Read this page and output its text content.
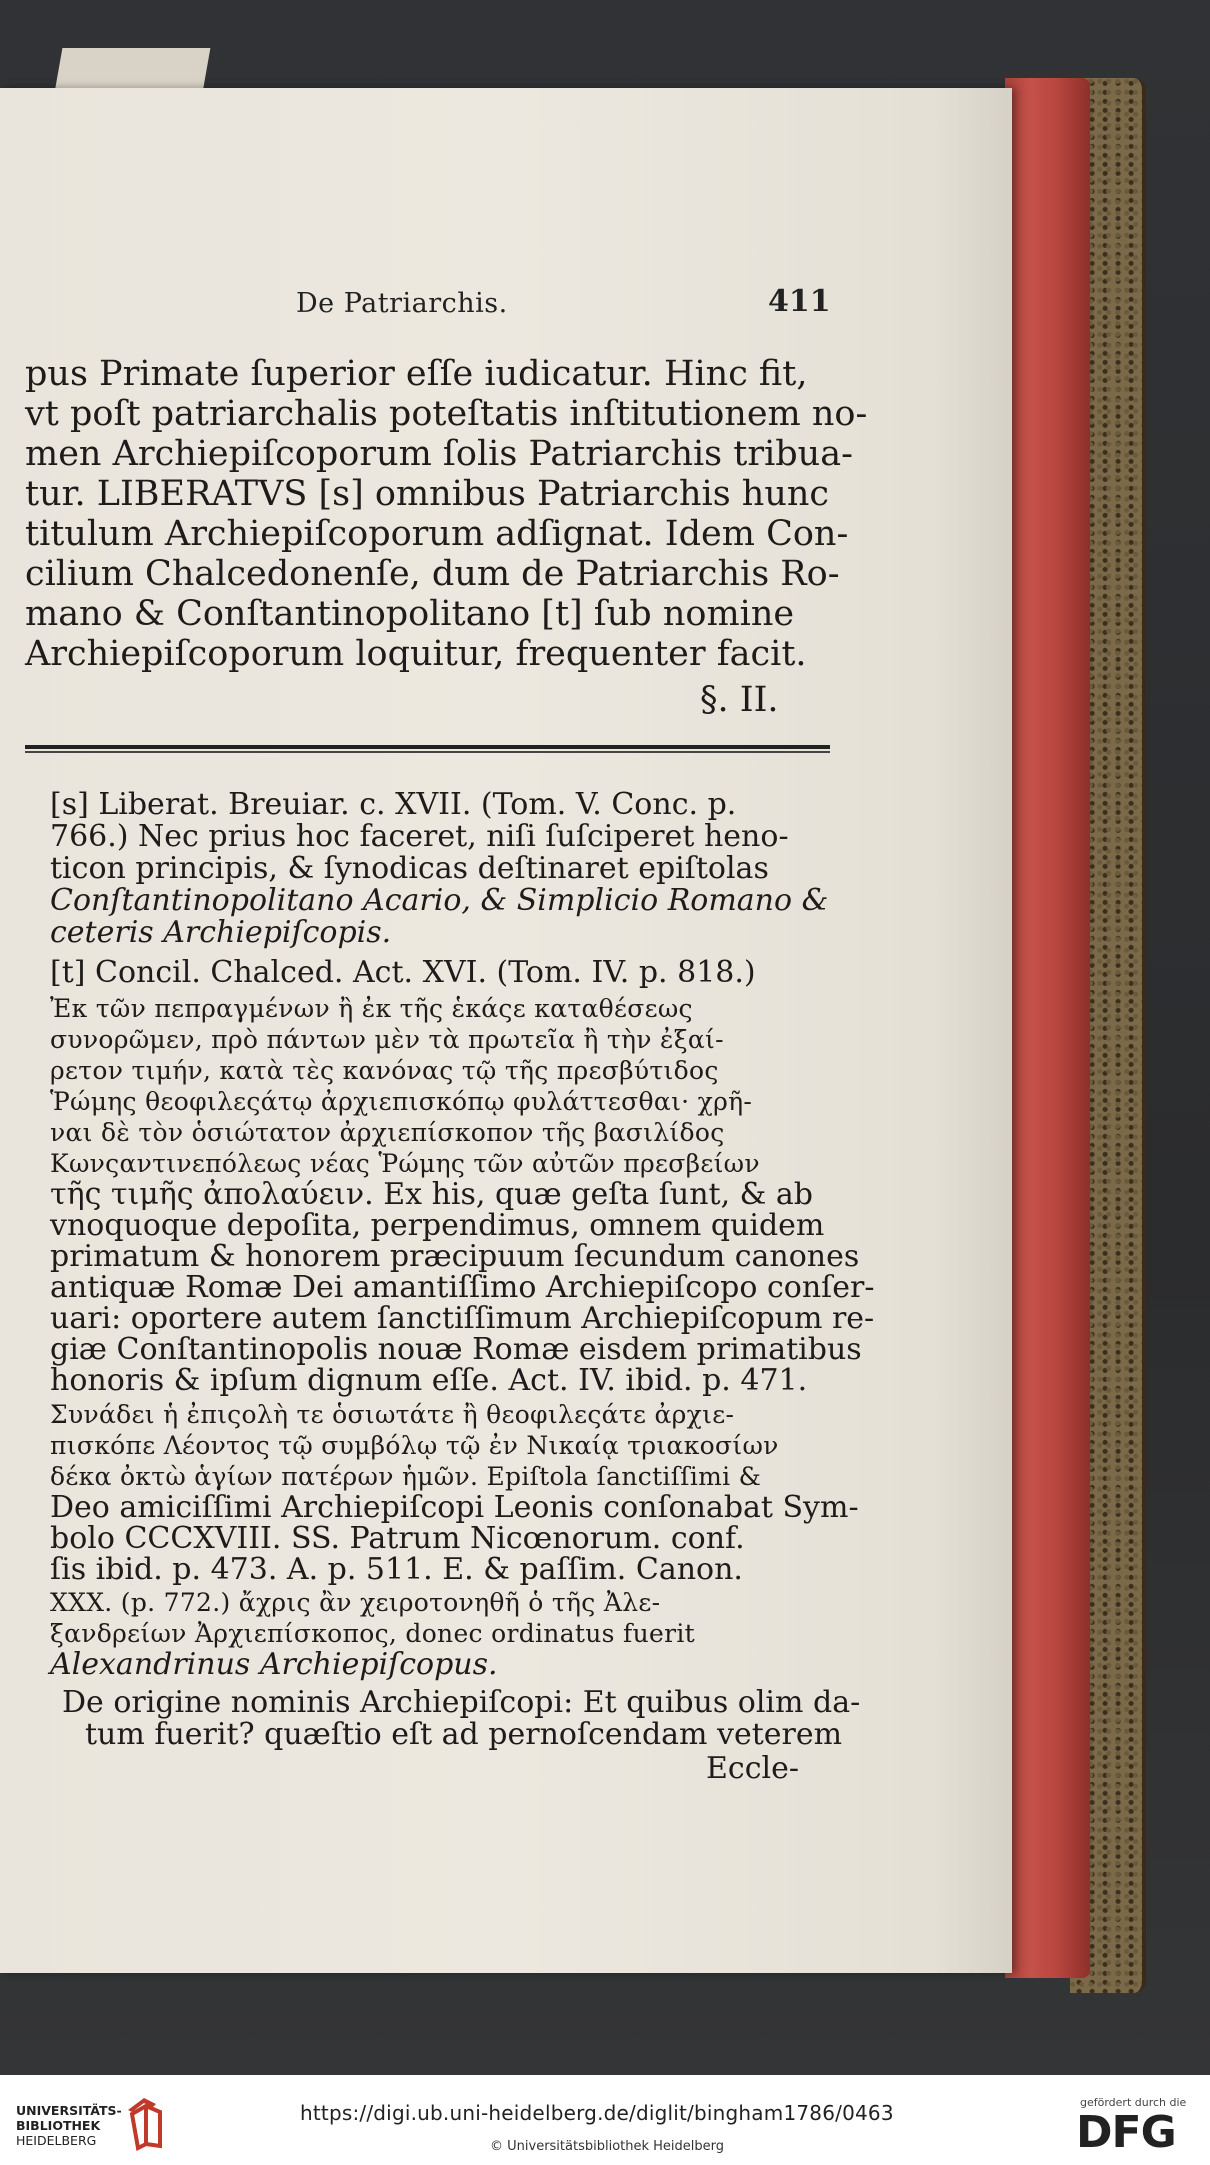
De Patriarchis.	411
pus Primate ſuperior eſſe iudicatur. Hinc fit,
vt poſt patriarchalis poteſtatis inſtitutionem no-
men Archiepiſcoporum ſolis Patriarchis tribua-
tur. LIBERATVS [s] omnibus Patriarchis hunc
titulum Archiepiſcoporum adſignat. Idem Con-
cilium Chalcedonenſe, dum de Patriarchis Ro-
mano & Conſtantinopolitano [t] ſub nomine
Archiepiſcoporum loquitur, frequenter facit.
§. II.
[s] Liberat. Breuiar. c. XVII. (Tom. V. Conc. p.
766.) Nec prius hoc faceret, niſi ſuſciperet heno-
ticon principis, & ſynodicas deſtinaret epiſtolas
Conſtantinopolitano Acario, & Simplicio Romano &
ceteris Archiepiſcopis.
[t] Concil. Chalced. Act. XVI. (Tom. IV. p. 818.)
Ἐκ τῶν πεπραγμένων ἢ ἐκ τῆς ἑκάςε καταθέσεως
συνορῶμεν, πρὸ πάντων μὲν τὰ πρωτεῖα ἢ τὴν ἐξαί-
ρετον τιμήν, κατὰ τὲς κανόνας τῷ τῆς πρεσβύτιδος
Ῥώμης θεοφιλεςάτῳ ἀρχιεπισκόπῳ φυλάττεσθαι· χρῆ-
ναι δὲ τὸν ὁσιώτατον ἀρχιεπίσκοπον τῆς βασιλίδος
Κωνςαντινεπόλεως νέας Ῥώμης τῶν αὐτῶν πρεσβείων
τῆς τιμῆς ἀπολαύειν. Ex his, quæ geſta ſunt, & ab
vnoquoque depoſita, perpendimus, omnem quidem
primatum & honorem præcipuum ſecundum canones
antiquæ Romæ Dei amantiſſimo Archiepiſcopo conſer-
uari: oportere autem ſanctiſſimum Archiepiſcopum re-
giæ Conſtantinopolis nouæ Romæ eisdem primatibus
honoris & ipſum dignum eſſe. Act. IV. ibid. p. 471.
Συνάδει ἡ ἐπιςολὴ τε ὁσιωτάτε ἢ θεοφιλεςάτε ἀρχιε-
πισκόπε Λέοντος τῷ συμβόλῳ τῷ ἐν Νικαίᾳ τριακοσίων
δέκα ὀκτὼ ἁγίων πατέρων ἡμῶν. Epiſtola ſanctiſſimi &
Deo amiciſſimi Archiepiſcopi Leonis conſonabat Sym-
bolo CCCXVIII. SS. Patrum Nicœnorum. conf.
ſis ibid. p. 473. A. p. 511. E. & paſſim. Canon.
XXX. (p. 772.) ἄχρις ἂν χειροτονηθῆ ὁ τῆς Ἀλε-
ξανδρείων Ἀρχιεπίσκοπος, donec ordinatus fuerit
Alexandrinus Archiepiſcopus.
De origine nominis Archiepiſcopi: Et quibus olim da-
tum fuerit? quæſtio eſt ad pernoſcendam veterem
Eccle-
UNIVERSITÄTS-
BIBLIOTHEK
HEIDELBERG
https://digi.ub.uni-heidelberg.de/diglit/bingham1786/0463
© Universitätsbibliothek Heidelberg
gefördert durch die
DFG
